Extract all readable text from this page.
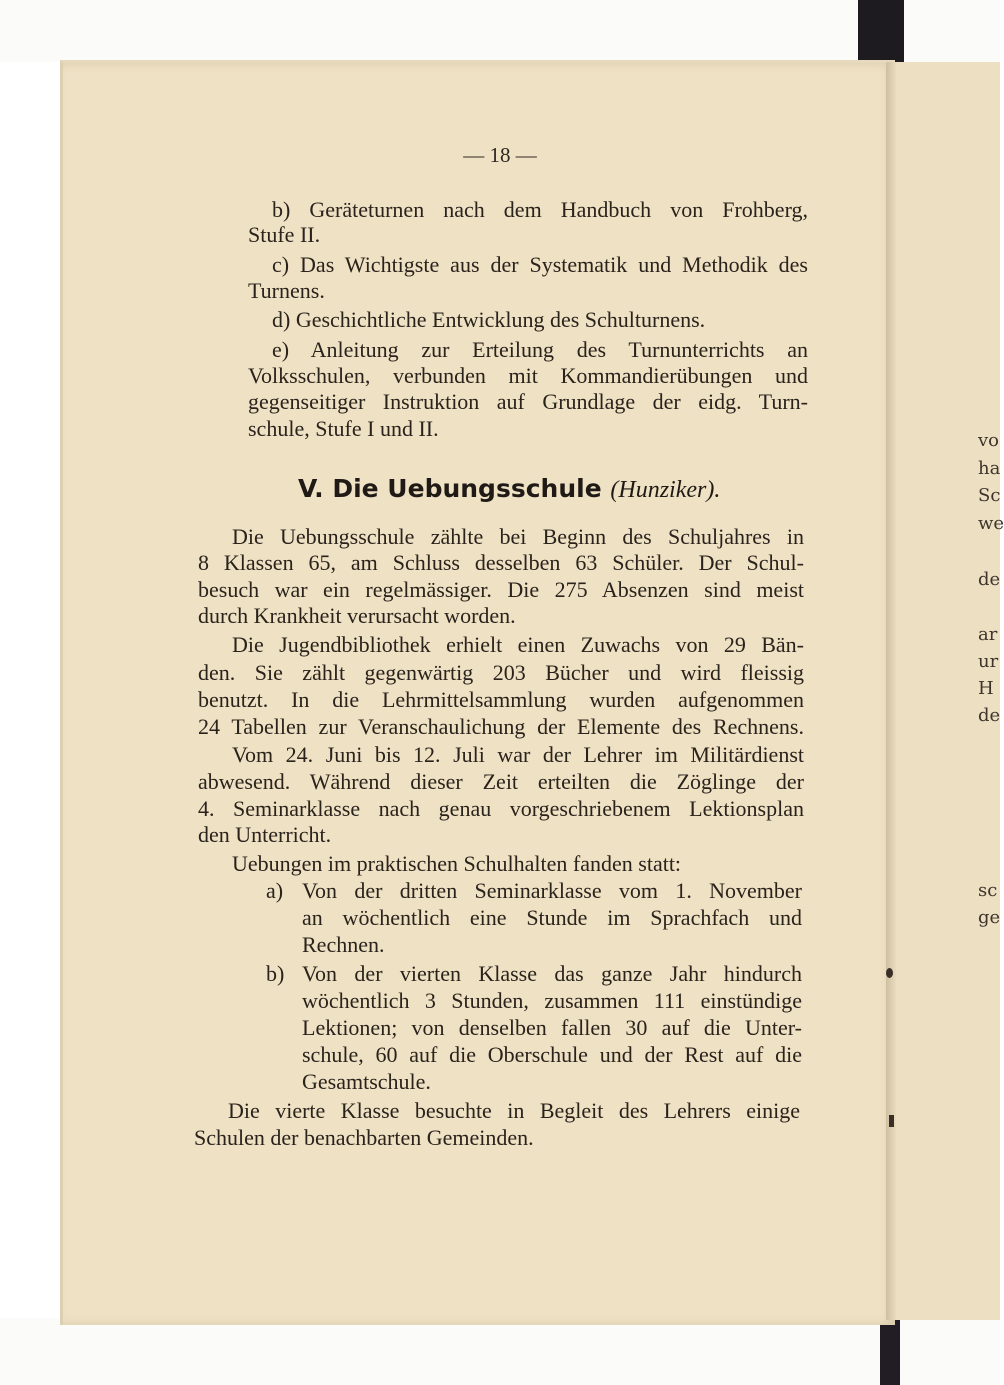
vo
ha
Sc
we
de
ar
ur
H
de
sc
ge
— 18 —
b) Geräteturnen nach dem Handbuch von Frohberg,
Stufe II.
c) Das Wichtigste aus der Systematik und Methodik des
Turnens.
d) Geschichtliche Entwicklung des Schulturnens.
e) Anleitung zur Erteilung des Turnunterrichts an
Volksschulen, verbunden mit Kommandierübungen und
gegenseitiger Instruktion auf Grundlage der eidg. Turn-
schule, Stufe I und II.
V. Die Uebungsschule (Hunziker).
Die Uebungsschule zählte bei Beginn des Schuljahres in
8 Klassen 65, am Schluss desselben 63 Schüler. Der Schul-
besuch war ein regelmässiger. Die 275 Absenzen sind meist
durch Krankheit verursacht worden.
Die Jugendbibliothek erhielt einen Zuwachs von 29 Bän-
den. Sie zählt gegenwärtig 203 Bücher und wird fleissig
benutzt. In die Lehrmittelsammlung wurden aufgenommen
24 Tabellen zur Veranschaulichung der Elemente des Rechnens.
Vom 24. Juni bis 12. Juli war der Lehrer im Militärdienst
abwesend. Während dieser Zeit erteilten die Zöglinge der
4. Seminarklasse nach genau vorgeschriebenem Lektionsplan
den Unterricht.
Uebungen im praktischen Schulhalten fanden statt:
a) Von der dritten Seminarklasse vom 1. November
an wöchentlich eine Stunde im Sprachfach und
Rechnen.
b) Von der vierten Klasse das ganze Jahr hindurch
wöchentlich 3 Stunden, zusammen 111 einstündige
Lektionen; von denselben fallen 30 auf die Unter-
schule, 60 auf die Oberschule und der Rest auf die
Gesamtschule.
Die vierte Klasse besuchte in Begleit des Lehrers einige
Schulen der benachbarten Gemeinden.
